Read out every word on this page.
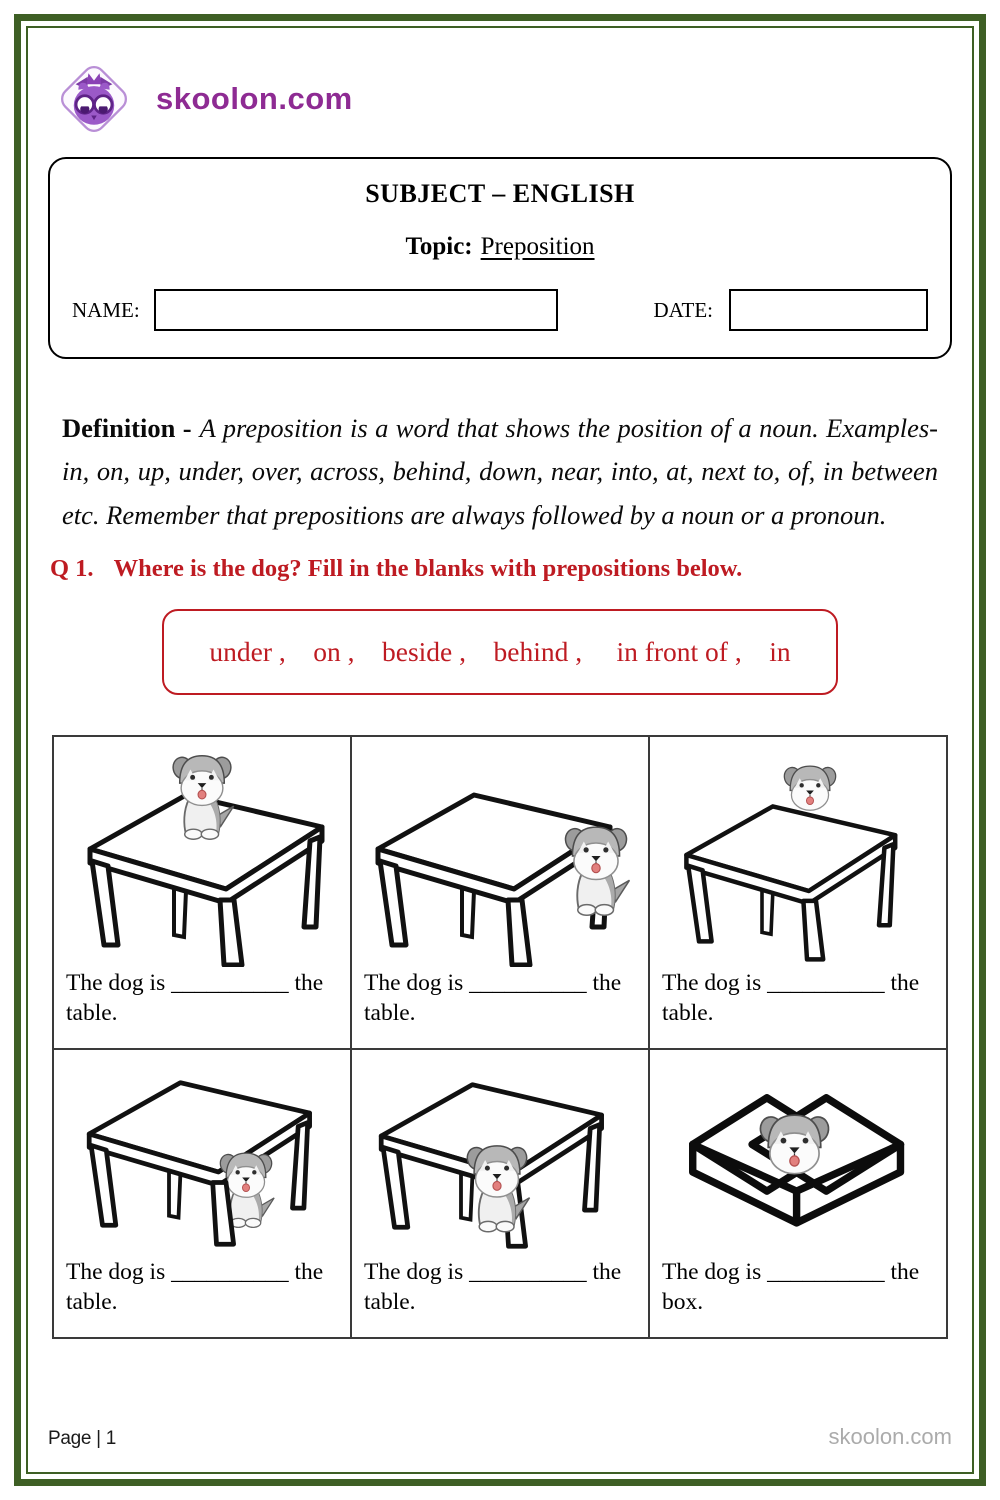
skoolon.com
SUBJECT – ENGLISH
Topic: Preposition
NAME:	DATE:

Definition - A preposition is a word that shows the position of a noun. Examples- in, on, up, under, over, across, behind, down, near, into, at, next to, of, in between etc. Remember that prepositions are always followed by a noun or a pronoun.

Q 1. Where is the dog? Fill in the blanks with prepositions below.
under ,    on ,    beside ,    behind ,     in front of ,    in
The dog is __________ the table.
The dog is __________ the table.
The dog is __________ the table.
The dog is __________ the table.
The dog is __________ the table.
The dog is __________ the box.
Page | 1	skoolon.com
